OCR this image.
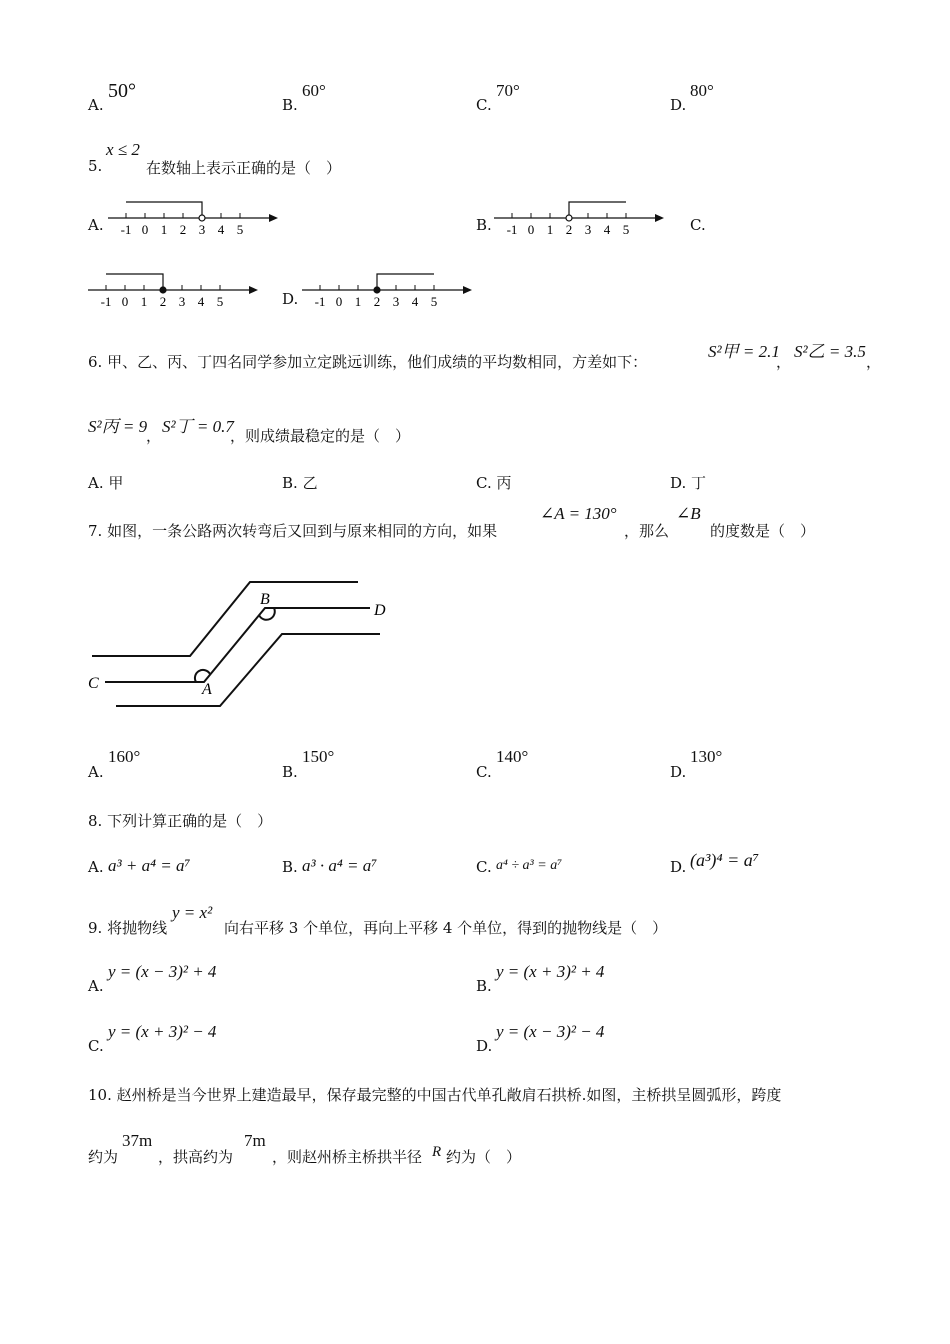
A.
50°
B.
60°
C.
70°
D.
80°
5.
x ≤ 2
在数轴上表示正确的是（　）
A. -1 0 1 2 3 4 5	B. -1 0 1 2 3 4 5	C.
-1 0 1 2 3 4 5	D. -1 0 1 2 3 4 5
6. 甲、乙、丙、丁四名同学参加立定跳远训练，他们成绩的平均数相同，方差如下：
S²甲 = 2.1
，
S²乙 = 3.5
，
S²丙 = 9
， S²丁 = 0.7
，则成绩最稳定的是（　）
A. 甲	B. 乙	C. 丙	D. 丁
7. 如图，一条公路两次转弯后又回到与原来相同的方向，如果
∠A = 130°
，那么
∠B
的度数是（　）
B
D
C	A
A.
160°
B.
150°
C.
140°
D.
130°
8. 下列计算正确的是（　）
A. a³ + a⁴ = a⁷	B. a³ · a⁴ = a⁷	C. a⁴ ÷ a³ = a⁷	D. (a³)⁴ = a⁷
9. 将抛物线
y = x²
向右平移 3 个单位，再向上平移 4 个单位，得到的抛物线是（　）
A.
y = (x − 3)² + 4
B.
y = (x + 3)² + 4
C.
y = (x + 3)² − 4
D.
y = (x − 3)² − 4
10. 赵州桥是当今世界上建造最早，保存最完整的中国古代单孔敞肩石拱桥.如图，主桥拱呈圆弧形，跨度
约为
37m
，拱高约为
7m
，则赵州桥主桥拱半径 R 约为（　）
